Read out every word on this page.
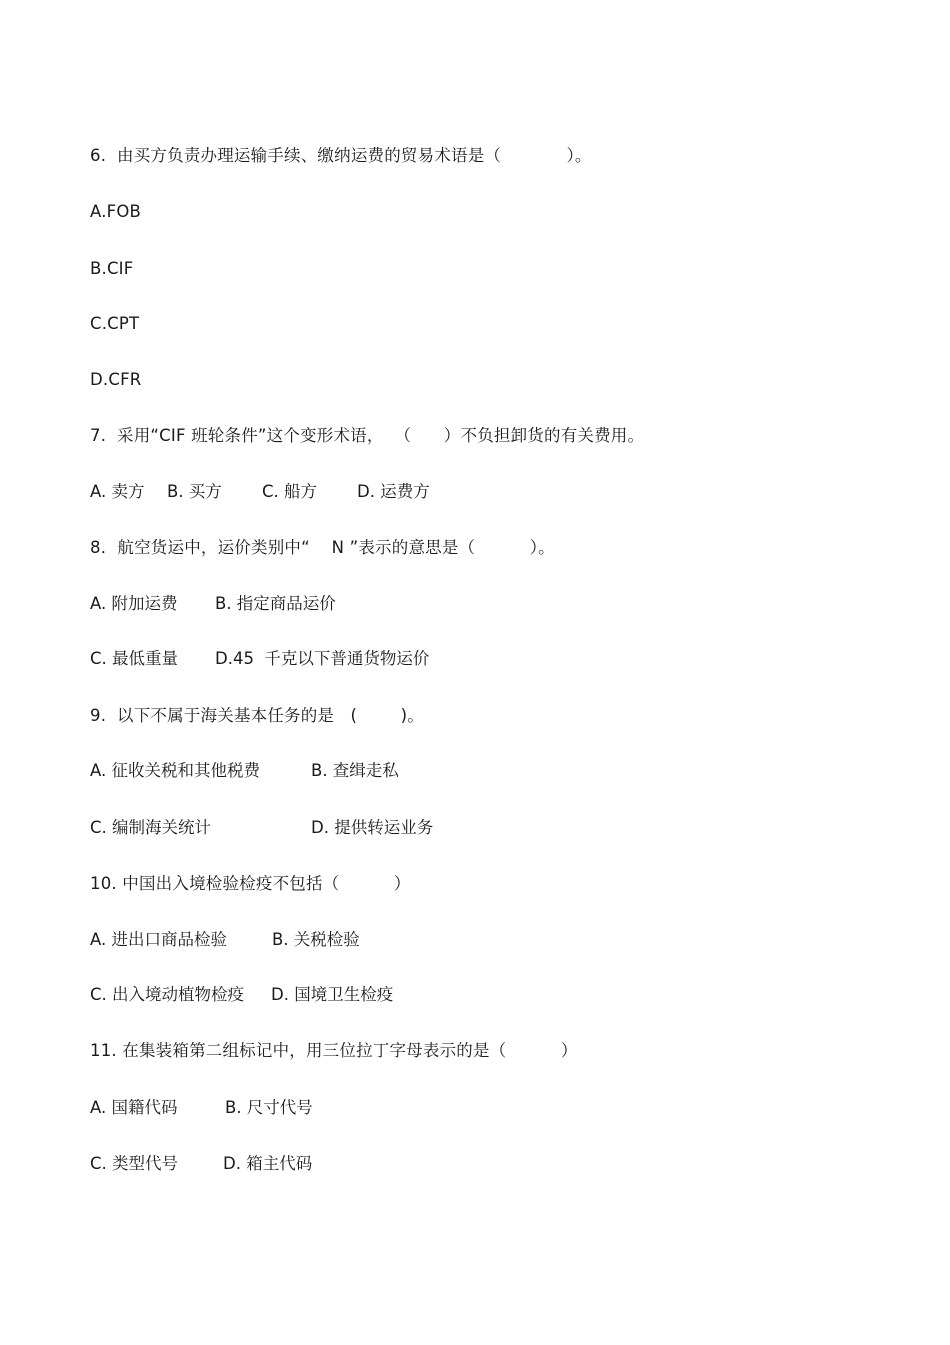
6.  由买方负责办理运输手续、缴纳运费的贸易术语是（            ）。
A.FOB
B.CIF
C.CPT
D.CFR
7.  采用“CIF 班轮条件”这个变形术语，  （      ）不负担卸货的有关费用。

A. 卖方

B. 买方

C. 船方

D. 运费方

8．航空货运中，运价类别中“    N ”表示的意思是（          ）。

A. 附加运费

B. 指定商品运价

C. 最低重量

D.45  千克以下普通货物运价

9.  以下不属于海关基本任务的是   (        )。

A. 征收关税和其他税费

	B. 查缉走私

C. 编制海关统计

	D. 提供转运业务

10. 中国出入境检验检疫不包括（          ）

A. 进出口商品检验

	B. 关税检验

C. 出入境动植物检疫

D. 国境卫生检疫

11. 在集装箱第二组标记中，用三位拉丁字母表示的是（          ）

A. 国籍代码

	B. 尺寸代号

C. 类型代号

	D. 箱主代码
